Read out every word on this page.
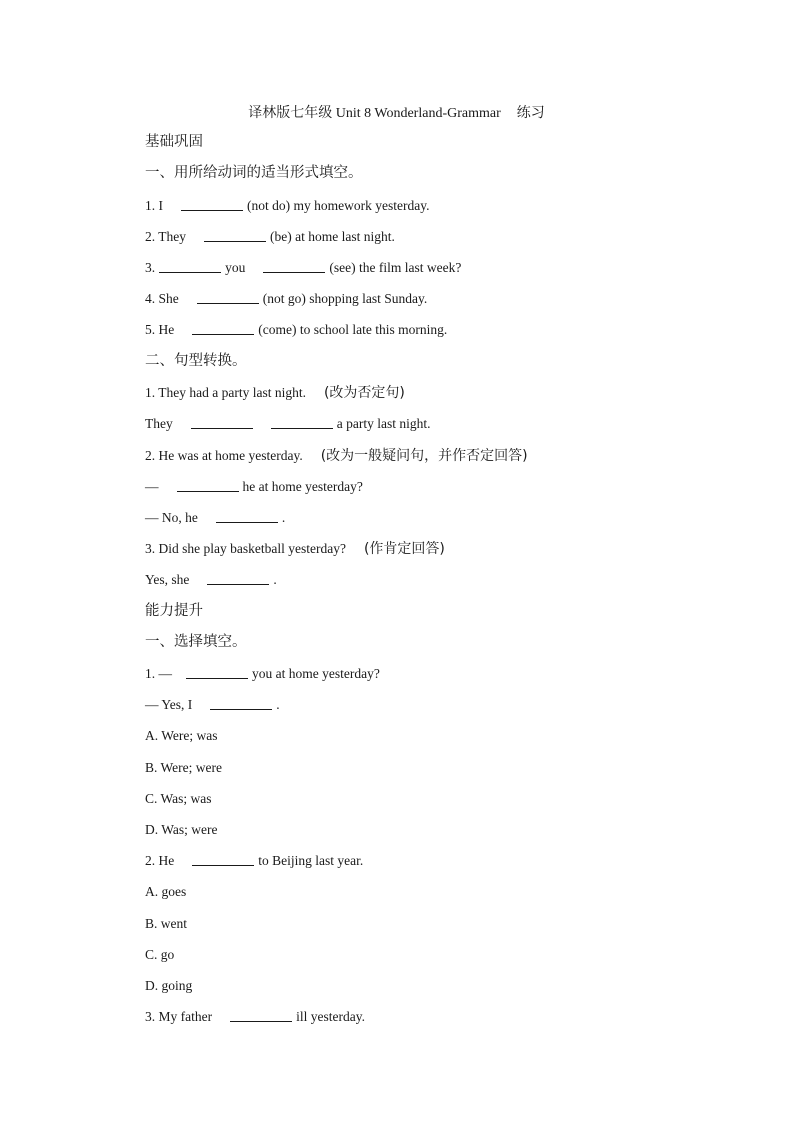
译林版七年级 Unit 8 Wonderland-Grammar 练习
基础巩固
一、用所给动词的适当形式填空。
1. I	(not do) my homework yesterday.
2. They	(be) at home last night.
3.	you	(see) the film last week?
4. She	(not go) shopping last Sunday.
5. He	(come) to school late this morning.
二、句型转换。
1. They had a party last night. (改为否定句)
They	a party last night.
2. He was at home yesterday. (改为一般疑问句，并作否定回答)
—	he at home yesterday?
— No, he	.
3. Did she play basketball yesterday? (作肯定回答)
Yes, she	.
能力提升
一、选择填空。
1. —	you at home yesterday?
— Yes, I	.
A. Were; was
B. Were; were
C. Was; was
D. Was; were
2. He	to Beijing last year.
A. goes
B. went
C. go
D. going
3. My father	ill yesterday.
